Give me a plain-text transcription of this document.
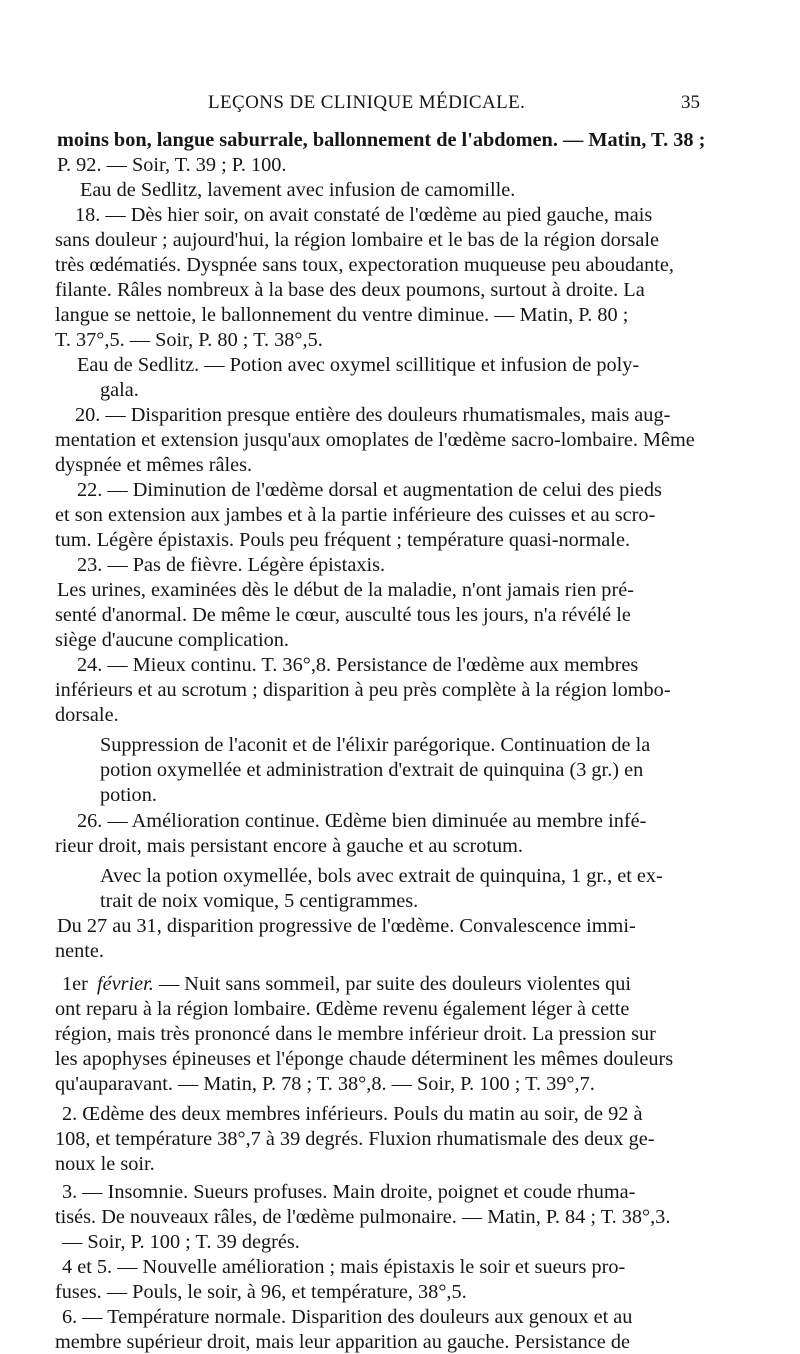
LEÇONS DE CLINIQUE MÉDICALE.	35
moins bon, langue saburrale, ballonnement de l'abdomen. — Matin, T. 38 ;
P. 92. — Soir, T. 39 ; P. 100.
Eau de Sedlitz, lavement avec infusion de camomille.
18. — Dès hier soir, on avait constaté de l'œdème au pied gauche, mais
sans douleur ; aujourd'hui, la région lombaire et le bas de la région dorsale
très œdématiés. Dyspnée sans toux, expectoration muqueuse peu aboudante,
filante. Râles nombreux à la base des deux poumons, surtout à droite. La
langue se nettoie, le ballonnement du ventre diminue. — Matin, P. 80 ;
T. 37°,5. — Soir, P. 80 ; T. 38°,5.
Eau de Sedlitz. — Potion avec oxymel scillitique et infusion de poly-
gala.
20. — Disparition presque entière des douleurs rhumatismales, mais aug-
mentation et extension jusqu'aux omoplates de l'œdème sacro-lombaire. Même
dyspnée et mêmes râles.
22. — Diminution de l'œdème dorsal et augmentation de celui des pieds
et son extension aux jambes et à la partie inférieure des cuisses et au scro-
tum. Légère épistaxis. Pouls peu fréquent ; température quasi-normale.
23. — Pas de fièvre. Légère épistaxis.
Les urines, examinées dès le début de la maladie, n'ont jamais rien pré-
senté d'anormal. De même le cœur, ausculté tous les jours, n'a révélé le
siège d'aucune complication.
24. — Mieux continu. T. 36°,8. Persistance de l'œdème aux membres
inférieurs et au scrotum ; disparition à peu près complète à la région lombo-
dorsale.
Suppression de l'aconit et de l'élixir parégorique. Continuation de la
potion oxymellée et administration d'extrait de quinquina (3 gr.) en
potion.
26. — Amélioration continue. Œdème bien diminuée au membre infé-
rieur droit, mais persistant encore à gauche et au scrotum.
Avec la potion oxymellée, bols avec extrait de quinquina, 1 gr., et ex-
trait de noix vomique, 5 centigrammes.
Du 27 au 31, disparition progressive de l'œdème. Convalescence immi-
nente.
1er février. — Nuit sans sommeil, par suite des douleurs violentes qui
ont reparu à la région lombaire. Œdème revenu également léger à cette
région, mais très prononcé dans le membre inférieur droit. La pression sur
les apophyses épineuses et l'éponge chaude déterminent les mêmes douleurs
qu'auparavant. — Matin, P. 78 ; T. 38°,8. — Soir, P. 100 ; T. 39°,7.
2. Œdème des deux membres inférieurs. Pouls du matin au soir, de 92 à
108, et température 38°,7 à 39 degrés. Fluxion rhumatismale des deux ge-
noux le soir.
3. — Insomnie. Sueurs profuses. Main droite, poignet et coude rhuma-
tisés. De nouveaux râles, de l'œdème pulmonaire. — Matin, P. 84 ; T. 38°,3.
— Soir, P. 100 ; T. 39 degrés.
4 et 5. — Nouvelle amélioration ; mais épistaxis le soir et sueurs pro-
fuses. — Pouls, le soir, à 96, et température, 38°,5.
6. — Température normale. Disparition des douleurs aux genoux et au
membre supérieur droit, mais leur apparition au gauche. Persistance de
